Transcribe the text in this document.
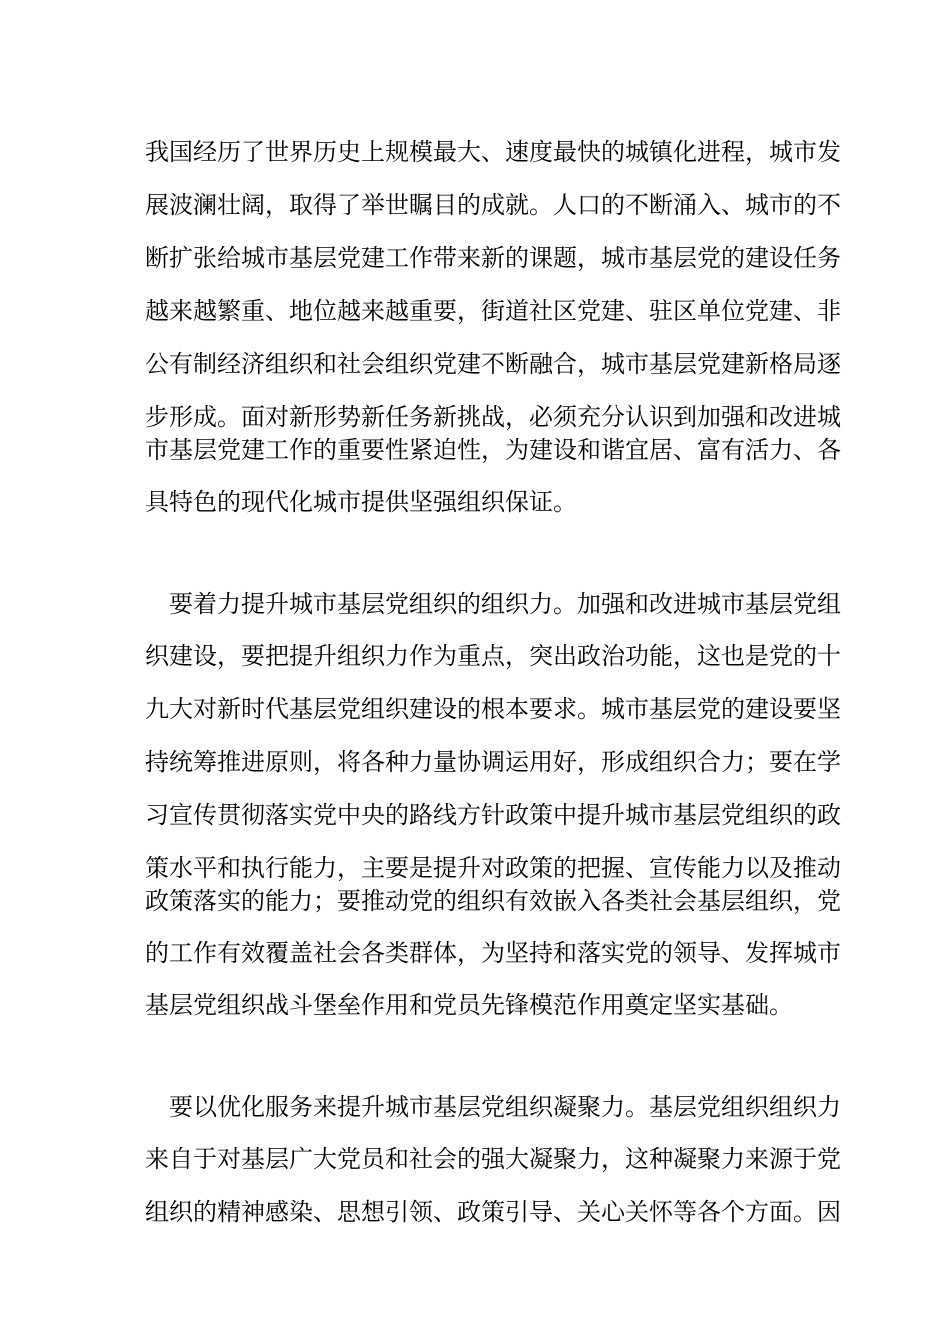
我国经历了世界历史上规模最大、速度最快的城镇化进程，城市发
展波澜壮阔，取得了举世瞩目的成就。人口的不断涌入、城市的不
断扩张给城市基层党建工作带来新的课题，城市基层党的建设任务
越来越繁重、地位越来越重要，街道社区党建、驻区单位党建、非
公有制经济组织和社会组织党建不断融合，城市基层党建新格局逐
步形成。面对新形势新任务新挑战，必须充分认识到加强和改进城
市基层党建工作的重要性紧迫性，为建设和谐宜居、富有活力、各
具特色的现代化城市提供坚强组织保证。
要着力提升城市基层党组织的组织力。加强和改进城市基层党组
织建设，要把提升组织力作为重点，突出政治功能，这也是党的十
九大对新时代基层党组织建设的根本要求。城市基层党的建设要坚
持统筹推进原则，将各种力量协调运用好，形成组织合力；要在学
习宣传贯彻落实党中央的路线方针政策中提升城市基层党组织的政
策水平和执行能力，主要是提升对政策的把握、宣传能力以及推动
政策落实的能力；要推动党的组织有效嵌入各类社会基层组织，党
的工作有效覆盖社会各类群体，为坚持和落实党的领导、发挥城市
基层党组织战斗堡垒作用和党员先锋模范作用奠定坚实基础。
要以优化服务来提升城市基层党组织凝聚力。基层党组织组织力
来自于对基层广大党员和社会的强大凝聚力，这种凝聚力来源于党
组织的精神感染、思想引领、政策引导、关心关怀等各个方面。因
